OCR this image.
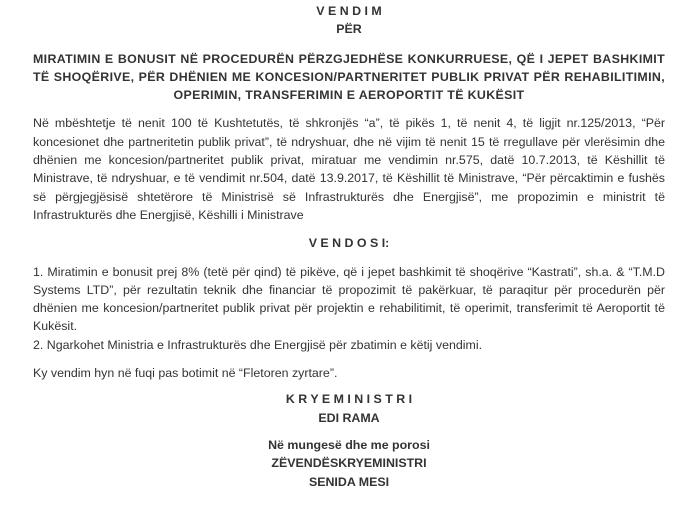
V E N D I M
PËR
MIRATIMIN E BONUSIT NË PROCEDURËN PËRZGJEDHËSE KONKURRUESE, QË I JEPET BASHKIMIT TË SHOQËRIVE, PËR DHËNIEN ME KONCESION/PARTNERITET PUBLIK PRIVAT PËR REHABILITIMIN, OPERIMIN, TRANSFERIMIN E AEROPORTIT TË KUKËSIT
Në mbështetje të nenit 100 të Kushtetutës, të shkronjës “a”, të pikës 1, të nenit 4, të ligjit nr.125/2013, “Për koncesionet dhe partneritetin publik privat”, të ndryshuar, dhe në vijim të nenit 15 të rregullave për vlerësimin dhe dhënien me koncesion/partneritet publik privat, miratuar me vendimin nr.575, datë 10.7.2013, të Këshillit të Ministrave, të ndryshuar, e të vendimit nr.504, datë 13.9.2017, të Këshillit të Ministrave, “Për përcaktimin e fushës së përgjegjësisë shtetërore të Ministrisë së Infrastrukturës dhe Energjisë”, me propozimin e ministrit të Infrastrukturës dhe Energjisë, Këshilli i Ministrave
V E N D O S I:
1. Miratimin e bonusit prej 8% (tetë për qind) të pikëve, që i jepet bashkimit të shoqërive “Kastrati”, sh.a. & “T.M.D Systems LTD”, për rezultatin teknik dhe financiar të propozimit të pakërkuar, të paraqitur për procedurën për dhënien me koncesion/partneritet publik privat për projektin e rehabilitimit, të operimit, transferimit të Aeroportit të Kukësit.
2. Ngarkohet Ministria e Infrastrukturës dhe Energjisë për zbatimin e këtij vendimi.
Ky vendim hyn në fuqi pas botimit në “Fletoren zyrtare”.
K R Y E M I N I S T R I
EDI RAMA
Në mungesë dhe me porosi
ZËVENDËSKRYEMINISTRI
SENIDA MESI
